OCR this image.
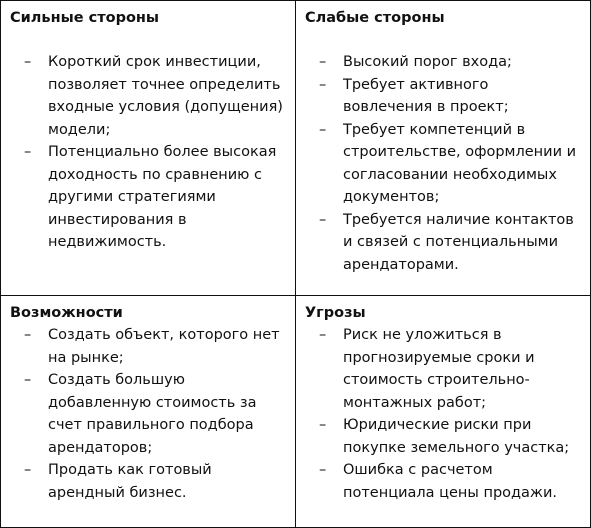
Сильные стороны

– Короткий срок инвестиции, позволяет точнее определить входные условия (допущения) модели;
– Потенциально более высокая доходность по сравнению с другими стратегиями инвестирования в недвижимость.

Слабые стороны

– Высокий порог входа;
– Требует активного вовлечения в проект;
– Требует компетенций в строительстве, оформлении и согласовании необходимых документов;
– Требуется наличие контактов и связей с потенциальными арендаторами.

Возможности

– Создать объект, которого нет на рынке;
– Создать большую добавленную стоимость за счет правильного подбора арендаторов;
– Продать как готовый арендный бизнес.

Угрозы

– Риск не уложиться в прогнозируемые сроки и стоимость строительно-монтажных работ;
– Юридические риски при покупке земельного участка;
– Ошибка с расчетом потенциала цены продажи.
